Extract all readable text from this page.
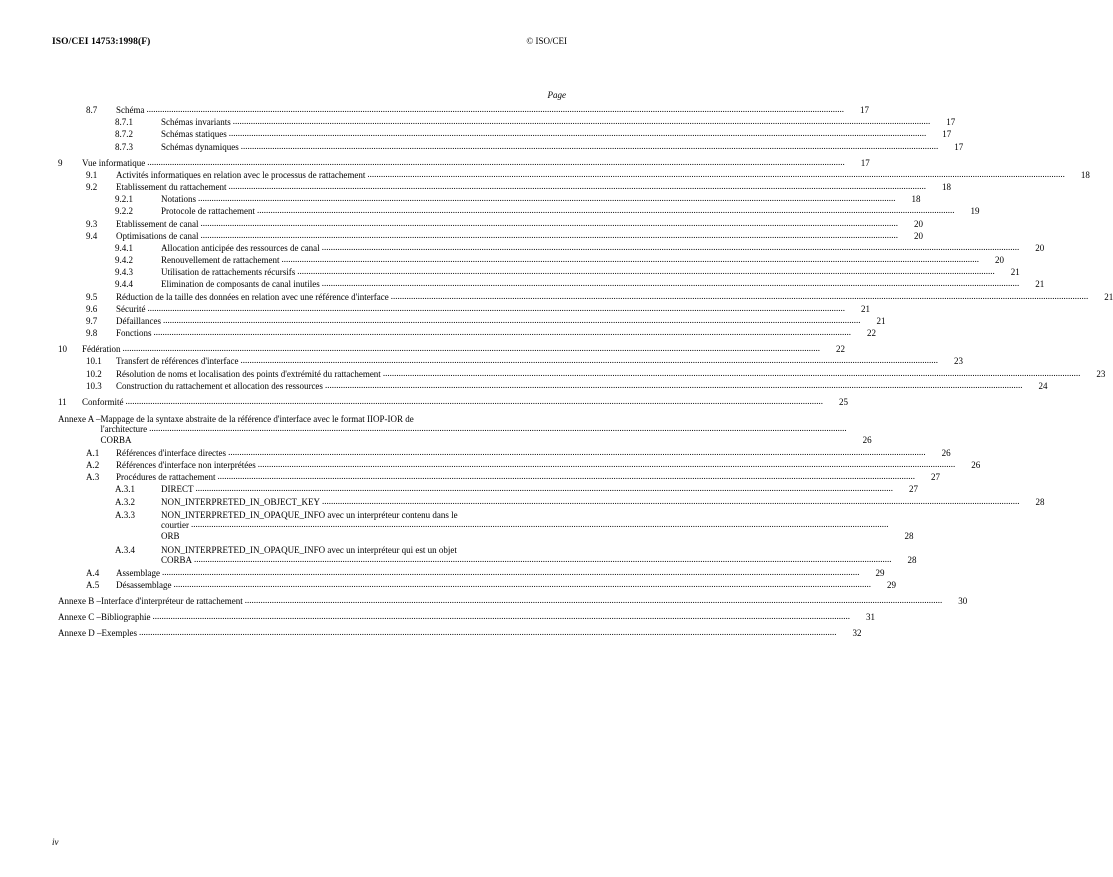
ISO/CEI 14753:1998(F)	© ISO/CEI
Page
8.7	Schéma .....	17
8.7.1	Schémas invariants .....	17
8.7.2	Schémas statiques .....	17
8.7.3	Schémas dynamiques .....	17
9	Vue informatique .....	17
9.1	Activités informatiques en relation avec le processus de rattachement .....	18
9.2	Etablissement du rattachement .....	18
9.2.1	Notations .....	18
9.2.2	Protocole de rattachement .....	19
9.3	Etablissement de canal .....	20
9.4	Optimisations de canal .....	20
9.4.1	Allocation anticipée des ressources de canal .....	20
9.4.2	Renouvellement de rattachement .....	20
9.4.3	Utilisation de rattachements récursifs .....	21
9.4.4	Elimination de composants de canal inutiles .....	21
9.5	Réduction de la taille des données en relation avec une référence d'interface .....	21
9.6	Sécurité .....	21
9.7	Défaillances .....	21
9.8	Fonctions .....	22
10	Fédération .....	22
10.1	Transfert de références d'interface .....	23
10.2	Résolution de noms et localisation des points d'extrémité du rattachement .....	23
10.3	Construction du rattachement et allocation des ressources .....	24
11	Conformité .....	25
Annexe A – Mappage de la syntaxe abstraite de la référence d'interface avec le format IIOP-IOR de
l'architecture CORBA
.....	26
A.1	Références d'interface directes .....	26
A.2	Références d'interface non interprétées .....	26
A.3	Procédures de rattachement .....	27
A.3.1	DIRECT .....	27
A.3.2	NON_INTERPRETED_IN_OBJECT_KEY .....	28
A.3.3	NON_INTERPRETED_IN_OPAQUE_INFO avec un interpréteur contenu dans le
courtier ORB
.....	28
A.3.4	NON_INTERPRETED_IN_OPAQUE_INFO avec un interpréteur qui est un objet
CORBA .....	28
A.4	Assemblage .....	29
A.5	Désassemblage .....	29
Annexe B – Interface d'interpréteur de rattachement .....	30
Annexe C – Bibliographie .....	31
Annexe D – Exemples .....	32
iv
